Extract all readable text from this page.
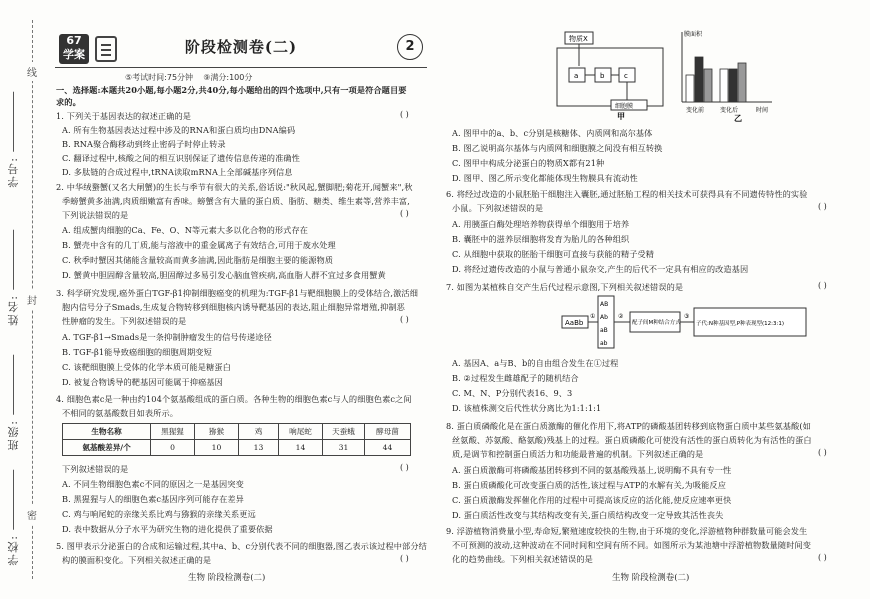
学号:
姓名:
班级:
学校:
线
封
密
67
学案	阶段检测卷(二)	2
⑤考试时间:75分钟 ⑨满分:100分
一、选择题:本题共20小题,每小题2分,共40分,每小题给出的四个选项中,只有一项是符合题目要
求的。
1. 下列关于基因表达的叙述正确的是	( )
A. 所有生物基因表达过程中涉及的RNA和蛋白质均由DNA编码
B. RNA聚合酶移动到终止密码子时停止转录
C. 翻译过程中,核酸之间的相互识别保证了遗传信息传递的准确性
D. 多肽链的合成过程中,tRNA读取mRNA上全部碱基序列信息
2. 中华绒螯蟹(又名大闸蟹)的生长与季节有很大的关系,俗话说:"秋风起,蟹脚肥;菊花开,闻蟹来",秋
季螃蟹黄多油满,肉质细嫩富有香味。螃蟹含有大量的蛋白质、脂肪、糖类、维生素等,营养丰富,
下列说法错误的是	( )
A. 组成蟹肉细胞的Ca、Fe、O、N等元素大多以化合物的形式存在
B. 蟹壳中含有的几丁质,能与溶液中的重金属离子有效结合,可用于废水处理
C. 秋季时蟹因其储能含量较高而黄多油满,因此脂肪是细胞主要的能源物质
D. 蟹黄中胆固醇含量较高,胆固醇过多易引发心脑血管疾病,高血脂人群不宜过多食用蟹黄
3. 科学研究发现,癌外蛋白TGF-β1抑制细胞癌变的机理为:TGF-β1与靶细胞膜上的受体结合,激活细
胞内信号分子Smads,生成复合物转移到细胞核内诱导靶基因的表达,阻止细胞异常增殖,抑制恶
性肿瘤的发生。下列叙述错误的是	( )
A. TGF-β1→Smads是一条抑制肿瘤发生的信号传递途径
B. TGF-β1能导致癌细胞的细胞周期变短
C. 该靶细胞膜上受体的化学本质可能是糖蛋白
D. 被复合物诱导的靶基因可能属于抑癌基因
4. 细胞色素c是一种由约104个氨基酸组成的蛋白质。各种生物的细胞色素c与人的细胞色素c之间
不相同的氨基酸数目如表所示。
生物名称	黑猩猩	猕猴	鸡	响尾蛇	天蚕蛾	酵母菌
氨基酸差异/个	0	10	13	14	31	44
下列叙述错误的是	( )
A. 不同生物细胞色素c不同的原因之一是基因突变
B. 黑猩猩与人的细胞色素c基因序列可能存在差异
C. 鸡与响尾蛇的亲缘关系比鸡与猕猴的亲缘关系更远
D. 表中数据从分子水平为研究生物的进化提供了重要依据
5. 图甲表示分泌蛋白的合成和运输过程,其中a、b、c分别代表不同的细胞器,图乙表示该过程中部分结
构的膜面积变化。下列相关叙述正确的是	( )
生物 阶段检测卷(二)
物质X
a	b	c
细胞膜
甲
膜面积
时间
变化前	变化后
乙
A. 图甲中的a、b、c分别是核糖体、内质网和高尔基体
B. 图乙说明高尔基体与内质网和细胞膜之间没有相互转换
C. 图甲中构成分泌蛋白的物质X都有21种
D. 图甲、图乙所示变化都能体现生物膜具有流动性
6. 将经过改造的小鼠胚胎干细胞注入囊胚,通过胚胎工程的相关技术可获得具有不同遗传特性的实验
小鼠。下列叙述错误的是	( )
A. 用胰蛋白酶处理培养物获得单个细胞用于培养
B. 囊胚中的滋养层细胞将发育为胎儿的各种组织
C. 从细胞中获取的胚胎干细胞可直接与获能的精子受精
D. 将经过遗传改造的小鼠与普通小鼠杂交,产生的后代不一定具有相应的改造基因
7. 如图为某植株自交产生后代过程示意图,下列相关叙述错误的是	( )
AaBb
①
AB
Ab
aB
ab
②
配子间M种结合方式
③
子代:N种基因型,P种表现型(12:3:1)
A. 基因A、a与B、b的自由组合发生在①过程
B. ②过程发生雌雄配子的随机结合
C. M、N、P分别代表16、9、3
D. 该植株测交后代性状分离比为1:1:1:1
8. 蛋白质磷酸化是在蛋白质激酶的催化作用下,将ATP的磷酸基团转移到底物蛋白质中某些氨基酸(如
丝氨酸、苏氨酸、酪氨酸)残基上的过程。蛋白质磷酸化可使没有活性的蛋白质转化为有活性的蛋白
质,是调节和控制蛋白质活力和功能最普遍的机制。下列叙述正确的是	( )
A. 蛋白质激酶可将磷酸基团转移到不同的氨基酸残基上,说明酶不具有专一性
B. 蛋白质磷酸化可改变蛋白质的活性,该过程与ATP的水解有关,为吸能反应
C. 蛋白质激酶发挥催化作用的过程中可提高该反应的活化能,使反应速率更快
D. 蛋白质活性改变与其结构改变有关,蛋白质结构改变一定导致其活性丧失
9. 浮游植物消费量小型,寿命短,繁殖速度较快的生物,由于环境的变化,浮游植物种群数量可能会发生
不可预测的波动,这种波动在不同时间和空间有所不同。如图所示为某池塘中浮游植物数量随时间变
化的趋势曲线。下列相关叙述错误的是	( )
生物 阶段检测卷(二)
